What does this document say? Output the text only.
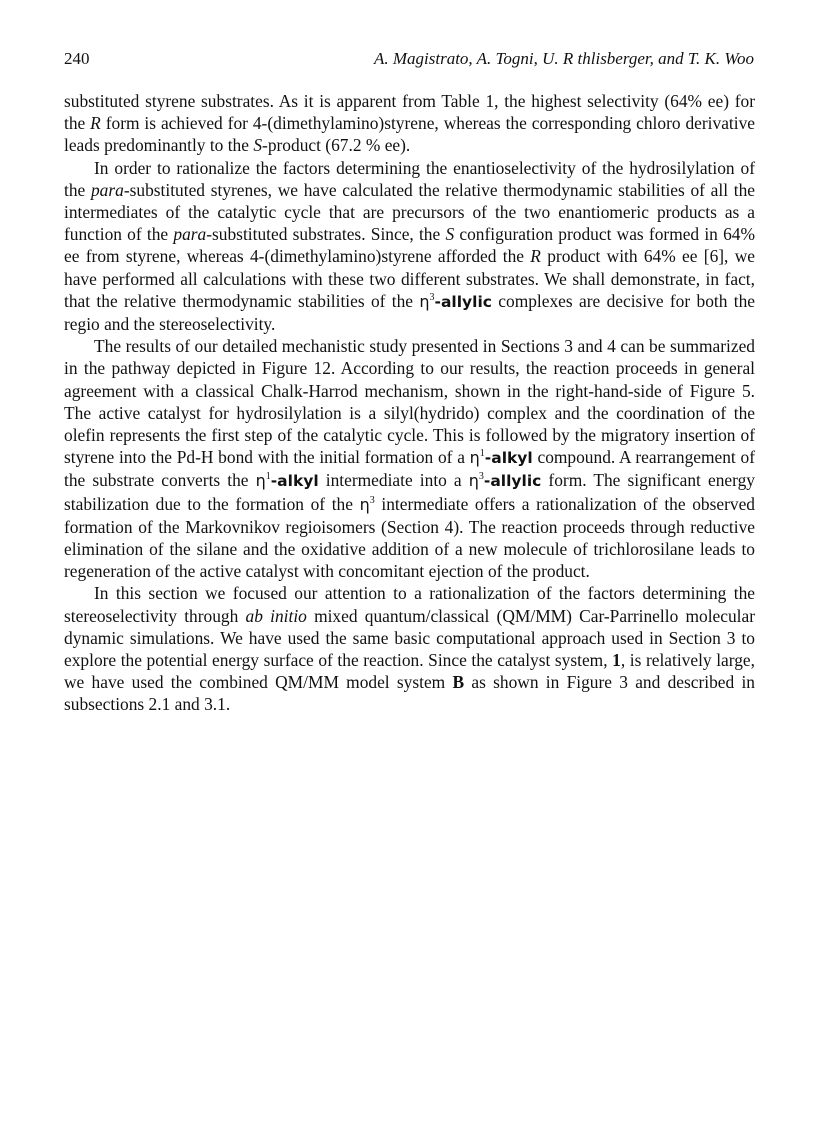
240	A. Magistrato, A. Togni, U. R thlisberger, and T. K. Woo

substituted styrene substrates. As it is apparent from Table 1, the highest selectivity (64% ee) for the R form is achieved for 4-(dimethylamino)styrene, whereas the corresponding chloro derivative leads predominantly to the S-product (67.2 % ee).

In order to rationalize the factors determining the enantioselectivity of the hydrosilylation of the para-substituted styrenes, we have calculated the relative thermodynamic stabilities of all the intermediates of the catalytic cycle that are precursors of the two enantiomeric products as a function of the para-substituted substrates. Since, the S configuration product was formed in 64% ee from styrene, whereas 4-(dimethylamino)styrene afforded the R product with 64% ee [6], we have performed all calculations with these two different substrates. We shall demonstrate, in fact, that the relative thermodynamic stabilities of the $\eta^3$-allylic complexes are decisive for both the regio and the stereoselectivity.

The results of our detailed mechanistic study presented in Sections 3 and 4 can be summarized in the pathway depicted in Figure 12. According to our results, the reaction proceeds in general agreement with a classical Chalk-Harrod mechanism, shown in the right-hand-side of Figure 5. The active catalyst for hydrosilylation is a silyl(hydrido) complex and the coordination of the olefin represents the first step of the catalytic cycle. This is followed by the migratory insertion of styrene into the Pd-H bond with the initial formation of a $\eta^1$-alkyl compound. A rearrangement of the substrate converts the $\eta^1$-alkyl intermediate into a $\eta^3$-allylic form. The significant energy stabilization due to the formation of the $\eta^3$ intermediate offers a rationalization of the observed formation of the Markovnikov regioisomers (Section 4). The reaction proceeds through reductive elimination of the silane and the oxidative addition of a new molecule of trichlorosilane leads to regeneration of the active catalyst with concomitant ejection of the product.

In this section we focused our attention to a rationalization of the factors determining the stereoselectivity through ab initio mixed quantum/classical (QM/MM) Car-Parrinello molecular dynamic simulations. We have used the same basic computational approach used in Section 3 to explore the potential energy surface of the reaction. Since the catalyst system, 1, is relatively large, we have used the combined QM/MM model system B as shown in Figure 3 and described in subsections 2.1 and 3.1.
